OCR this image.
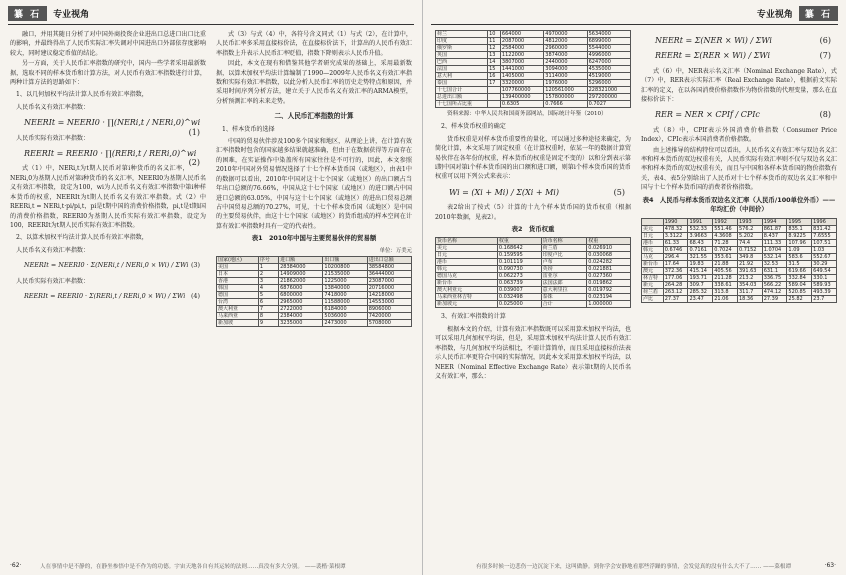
纂 石	专业视角

融口，并用其随日分析了对中国外商投资企业进出口总进口出口比重的影响，并最终得出了人民币实际汇率失调对中国进出口外部依存度影响较大，同时建议稳定币值的结论。

另一方面，关于人民币汇率指数的研究中，国内一些学者采用最新数据，选取不同的样本货币和计算方法，对人民币有效汇率指数进行计算，两种计算方法的思路如下：

1、以几何加权平均法计算人民币有效汇率指数，

人民币名义有效汇率指数：

NEERIt = NEERI0 · ∏(NERi,t / NERi,0)^wi
(1)

人民币实际有效汇率指数：

REERIt = REERI0 · ∏(RERi,t / RERi,0)^wi
(2)

式（1）中，NERi,t为t期人民币对第i种货币的名义汇率，NERi,0为基期人民币对第i种货币的名义汇率，NEERI0为基期人民币名义有效汇率指数，设定为100，wi为人民币名义有效汇率指数中第i种样本货币的权重，NEERIt为t期人民币名义有效汇率指数。式（2）中REERi,t = NERi,t·pi/pi,t，pi是t期中国的消费价格指数，pi,t是t期i国的消费价格指数，REERI0为基期人民币实际有效汇率指数，设定为100，REERIt为t期人民币实际有效汇率指数。

2、以算术加权平均法计算人民币有效汇率指数，

人民币名义有效汇率指数：

NEERIt = NEERI0 · Σ(NERi,t / NERi,0 × Wi) / ΣWi (3)

人民币实际有效汇率指数：

REERIt = REERI0 · Σ(RERi,t / RERi,0 × Wi) / ΣWi (4)

式（3）与式（4）中，各符号含义同式（1）与式（2），在计算中，人民币汇率多采用直接标价法，在直接标价法下，计算出的人民币有效汇率指数上升表示人民币汇率贬值，指数下降则表示人民币升值。

因此，本文在现有和借鉴其他学者研究成果的基础上，采用最新数据，以算术加权平均法计算编制了1990—2009年人民币名义有效汇率指数和实际有效汇率指数，以此分析人民币汇率的历史走势特点和原因，并采用时间序列分析方法，建立关于人民币名义有效汇率的ARMA模型，分析预测汇率的未来走势。

二、人民币汇率指数的计算

1、样本货币的选择

中国的贸易伙伴涉及100多个国家和地区，从理论上讲，在计算有效汇率指数时包含的国家越多结果就越准确，但由于在数据获得等方面存在的困难，在实证操作中染盖所有国家往往是不可行的，因此，本文参照2010年中国对外贸易情况选择了十七个样本货币国（或地区），由表1中的数据可以看出，2010年中国对这十七个国家（或地区）的出口额占当年出口总额的76.66%，中国从这十七个国家（或地区）的进口额占中国进口总额的63.05%，中国与这十七个国家（或地区）的进出口贸易总额占中国贸易总额的70.27%，可见，十七个样本货币国（或地区）是中国的主要贸易伙伴，由这十七个国家（或地区）的货币组成的样本空间在计算有效汇率指数时具有一定的代表性。

表1　2010年中国与主要贸易伙伴的贸易额
单位：万美元
国家(地区)	序号	进口额	出口额	进出口总额
美国	1	28384000	10200800	38584800
日本	2	14909000	21535000	36444000
香港	3	21862000	1225000	23087000
韩国	4	6876000	13840000	20716000
德国	5	6800000	7418000	14218000
台湾	6	2965000	11588000	14553000
澳大利亚	7	2722000	6184000	8906000
马来西亚	8	2384000	5036000	7420000
新加坡	9	3235000	2473000	5708000
人在事情中是不静的，在静坐参悟中是不作为的功德。宇宙天地各自有其运转的法则……真没有多大分别。 ——裴楷·菜根谭
·62·
纂 石
专业视角
荷兰	10	664000	4970000	5634000
印度	11	2087000	4812000	6899000
俄罗斯	12	2584000	2960000	5544000
英国	13	1122000	3874000	4996000
巴西	14	3807000	2440000	6247000
法国	15	1441000	3094000	4535000
意大利	16	1405000	3114000	4519000
泰国	17	3320000	1976000	5296000
十七国合计		107760000	120561000	228321000
总进出口额		139400000	157800000	297200000
十七国所占比重		0.6305	0.7666	0.7027

资料来源：中华人民共和国商务部网站，国际统计年鉴（2010）

2、样本货币权重的确定

货币权重是对样本货币重要性的量化，可以通过多种途径来确定，为简化计算，本文采用了固定权重（在计算权重时，依某一年的数据计算贸易伙伴在各年份的权重，样本货币的权重是固定不变的）以和分到表示第i期中国对第i个样本货币国的出口额和进口额，则第i个样本货币国的货币权重可以用下列公式来表示：

Wi = (Xi + Mi) / Σ(Xi + Mi)	(5)

表2给出了按式（5）计算的十九个样本货币国的货币权重（根据2010年数据，见表2）。

表2　货币权重
货币名称	权重	货币名称	权重
美元	0.168642	荷兰盾	0.026910
日元	0.159595	印度卢比	0.030068
港币	0.101119	卢布	0.024282
韩元	0.090730	英镑	0.021881
德国马克	0.062273	雷亚尔	0.027360
新台币	0.063739	法国法郎	0.019862
澳大利亚元	0.039007	意大利里拉	0.019792
马来西亚林吉特	0.032498	泰铢	0.023194
新加坡元	0.025000	合计	1.000000

3、有效汇率指数的计算

根据本文的介绍，计算有效汇率指数既可以采用算术加权平均法，也可以采用几何加权平均法，但是，采用算术加权平均法计算人民币有效汇率指数，与几何加权平均法相比，不需计算简单，而且采用直接标价法表示人民币汇率更符合中国的实际情况，因此本文采用算术加权平均法，以NEER（Nominal Effective Exchange Rate）表示第t期的人民币名义有效汇率，那么：

NEERt = Σ(NER × Wi) / ΣWi	(6)
REERt = Σ(RER × Wi) / ΣWi	(7)

式（6）中，NER表示名义汇率（Nominal Exchange Rate），式（7）中，RER表示实际汇率（Real Exchange Rate），根据前文实际汇率的定义，在以各国消费价格指数作为物价指数的代理变量，那么在直接标价法下：

RER = NER × CPIf / CPIc	(8)

式（8）中，CPIf表示外国消费价格指数（Consumer Price Index），CPIc表示本国消费者价格指数。

由上述推导的结构特位可以看出，人民币名义有效汇率与双边名义汇率和样本货币的双边权重有关，人民币实际有效汇率则不仅与双边名义汇率和样本货币的双边权重有关，而且与中国和各样本货币国的物价指数有关，表4、表5分别给出了人民币对十七个样本货币的双边名义汇率和中国与十七个样本货币国的消费者价格指数。

表4　人民币与样本货币双边名义汇率（人民币/100单位外币）——年均汇价（中间价）
	1990	1991	1992	1993	1994	1995	1996
美元	478.32	532.33	551.46	576.2	861.87	835.1	831.42
日元	3.3122	3.9663	4.3608	5.202	8.437	8.9225	7.6555
港币	61.33	68.43	71.28	74.4	111.33	107.96	107.51
韩元	0.6746	0.7161	0.7024	0.7152	1.0704	1.09	1.03
马克	296.4	321.55	353.61	349.8	532.14	583.6	552.67
新台币	17.64	19.83	21.88	21.92	32.53	31.5	30.29
澳元	372.36	415.14	405.56	391.63	631.1	619.66	649.54
林吉特	177.06	193.71	211.28	213.2	336.75	332.84	330.1
新元	264.28	309.7	338.61	354.03	566.22	589.04	589.93
荷兰盾	263.12	285.32	313.8	311.7	474.12	520.85	493.39
卢比	27.37	23.47	21.06	18.36	27.39	25.82	23.7
有很多时候一边悲伤一边沉淀下来，这叫做静。到你学会安静地看那些浮躁的事情，会发觉真的没有什么大不了…… ——菜根谭	·63·
